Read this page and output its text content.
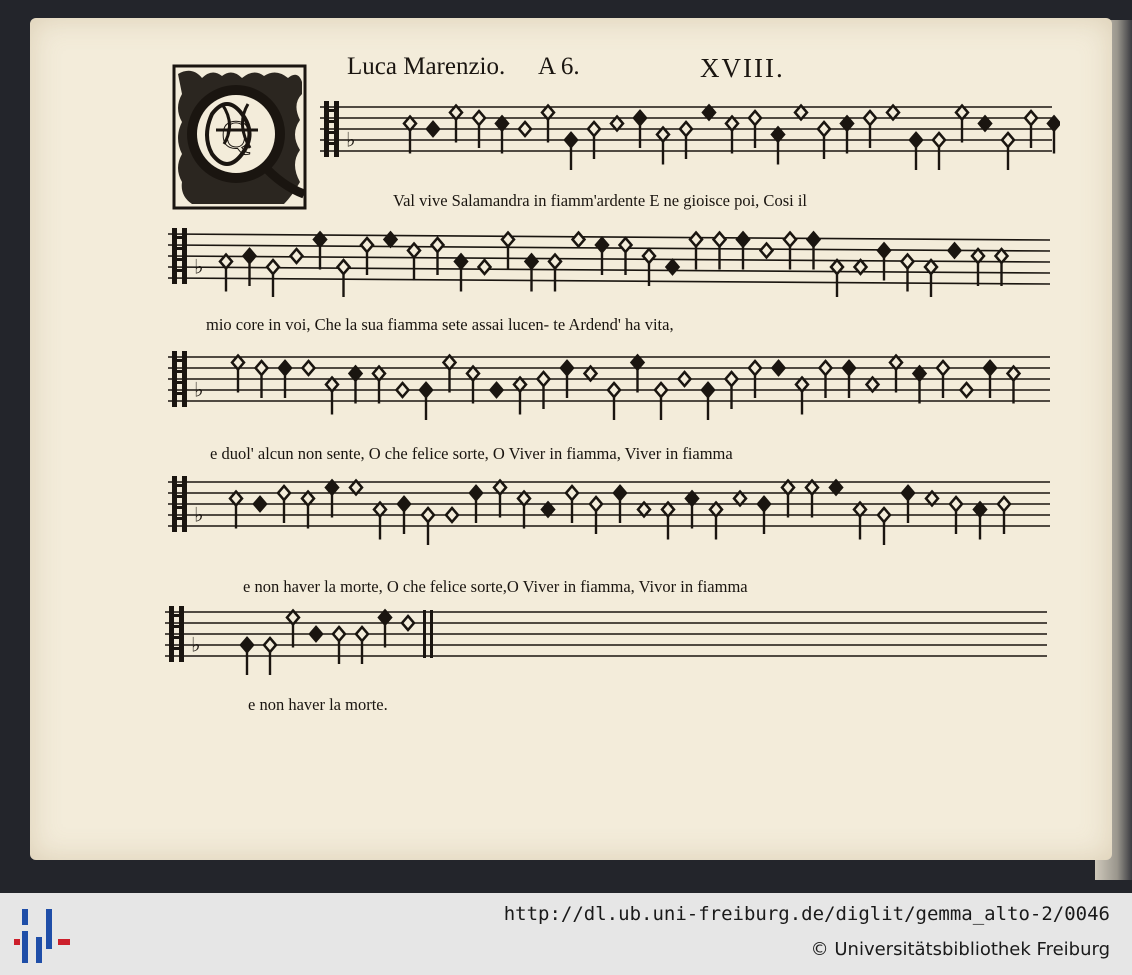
Luca Marenzio. A 6.	XVIII.
Q	♭
♭
♭
♭
♭
Val vive Salamandra in fiamm'ardente E ne gioisce poi, Cosi il
mio core in voi, Che la sua fiamma sete assai lucen- te Ardend' ha vita,
e duol' alcun non sente, O che felice sorte, O Viver in fiamma, Viver in fiamma
e non haver la morte, O che felice sorte,O Viver in fiamma, Vivor in fiamma
e non haver la morte.
http://dl.ub.uni-freiburg.de/diglit/gemma_alto-2/0046
© Universitätsbibliothek Freiburg
